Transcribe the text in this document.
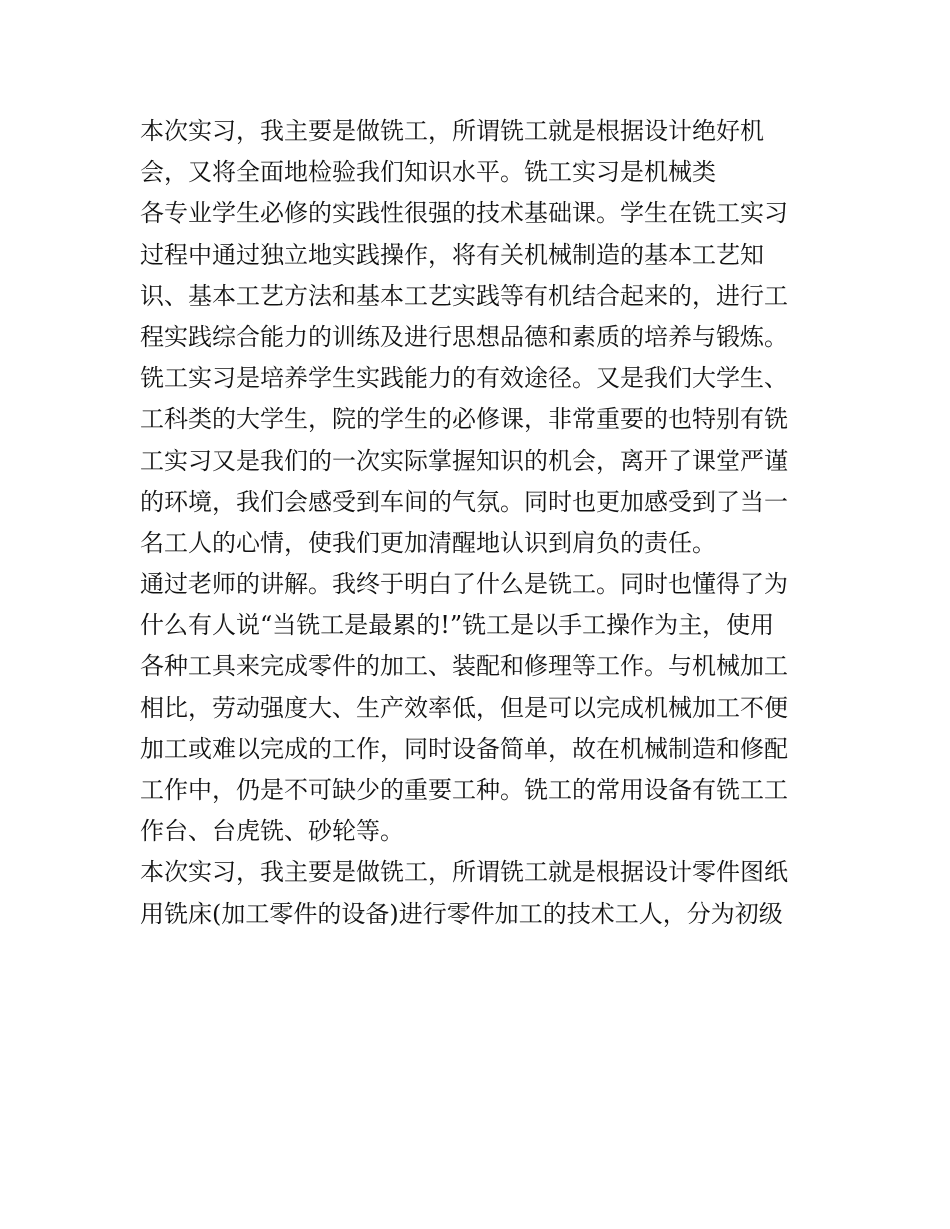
本次实习，我主要是做铣工，所谓铣工就是根据设计绝好机
会，又将全面地检验我们知识水平。铣工实习是机械类
各专业学生必修的实践性很强的技术基础课。学生在铣工实习
过程中通过独立地实践操作，将有关机械制造的基本工艺知
识、基本工艺方法和基本工艺实践等有机结合起来的，进行工
程实践综合能力的训练及进行思想品德和素质的培养与锻炼。
铣工实习是培养学生实践能力的有效途径。又是我们大学生、
工科类的大学生，院的学生的必修课，非常重要的也特别有铣
工实习又是我们的一次实际掌握知识的机会，离开了课堂严谨
的环境，我们会感受到车间的气氛。同时也更加感受到了当一
名工人的心情，使我们更加清醒地认识到肩负的责任。
通过老师的讲解。我终于明白了什么是铣工。同时也懂得了为
什么有人说“当铣工是最累的!”铣工是以手工操作为主，使用
各种工具来完成零件的加工、装配和修理等工作。与机械加工
相比，劳动强度大、生产效率低，但是可以完成机械加工不便
加工或难以完成的工作，同时设备简单，故在机械制造和修配
工作中，仍是不可缺少的重要工种。铣工的常用设备有铣工工
作台、台虎铣、砂轮等。
本次实习，我主要是做铣工，所谓铣工就是根据设计零件图纸
用铣床(加工零件的设备)进行零件加工的技术工人，分为初级
